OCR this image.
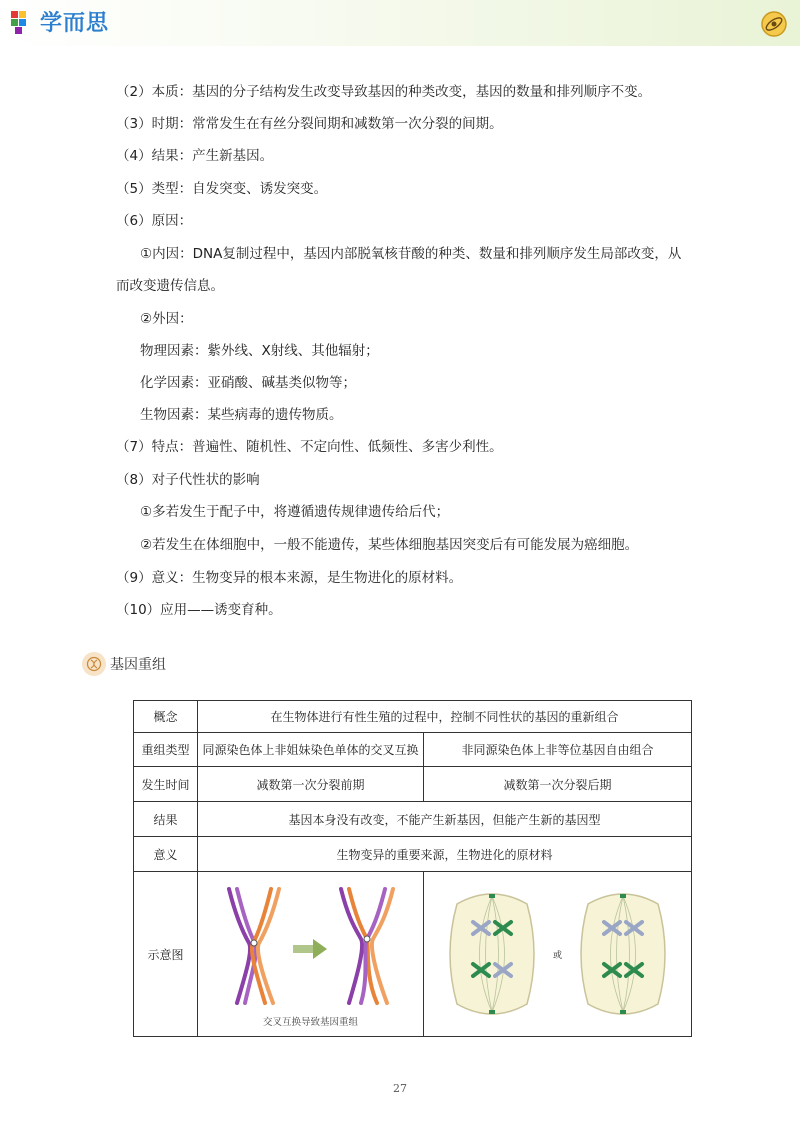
学而思
（2）本质：基因的分子结构发生改变导致基因的种类改变，基因的数量和排列顺序不变。
（3）时期：常常发生在有丝分裂间期和减数第一次分裂的间期。
（4）结果：产生新基因。
（5）类型：自发突变、诱发突变。
（6）原因：
①内因：DNA复制过程中，基因内部脱氧核苷酸的种类、数量和排列顺序发生局部改变，从
而改变遗传信息。
②外因：
物理因素：紫外线、X射线、其他辐射；
化学因素：亚硝酸、碱基类似物等；
生物因素：某些病毒的遗传物质。
（7）特点：普遍性、随机性、不定向性、低频性、多害少利性。
（8）对子代性状的影响
①多若发生于配子中，将遵循遗传规律遗传给后代；
②若发生在体细胞中，一般不能遗传，某些体细胞基因突变后有可能发展为癌细胞。
（9）意义：生物变异的根本来源，是生物进化的原材料。
（10）应用——诱变育种。
基因重组
概念	在生物体进行有性生殖的过程中，控制不同性状的基因的重新组合	
重组类型	同源染色体上非姐妹染色单体的交叉互换	非同源染色体上非等位基因自由组合
发生时间	减数第一次分裂前期	减数第一次分裂后期
结果	基因本身没有改变，不能产生新基因，但能产生新的基因型	
意义	生物变异的重要来源，生物进化的原材料	
示意图	交叉互换导致基因重组	或
27
